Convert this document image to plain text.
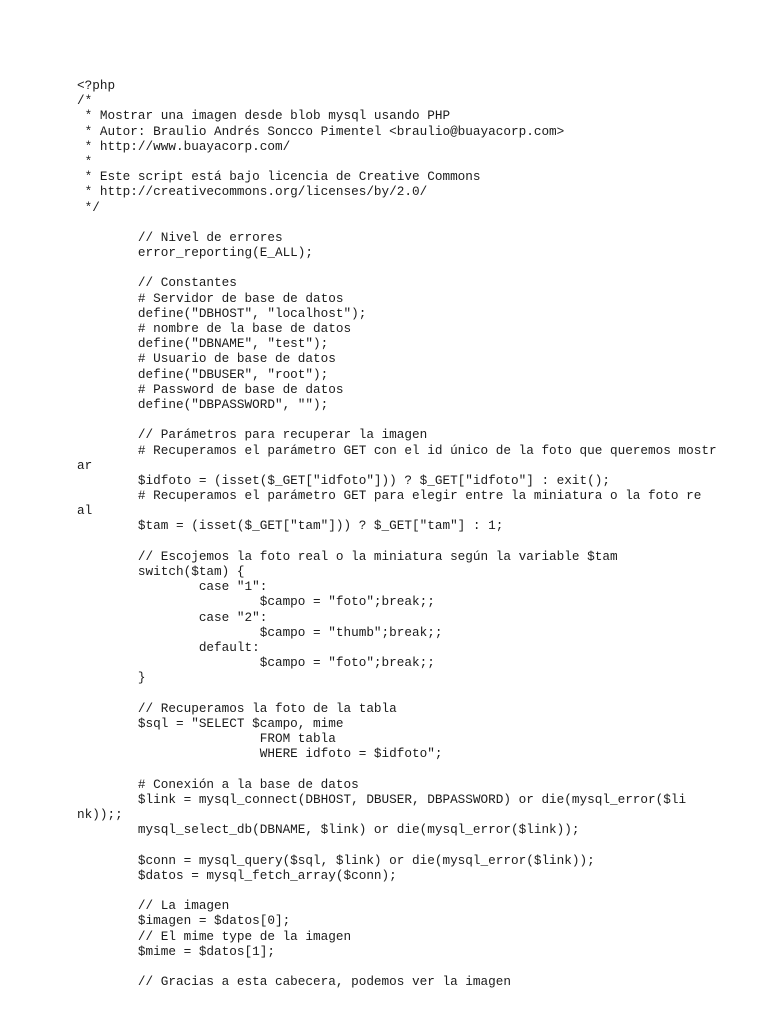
<?php
/*
* Mostrar una imagen desde blob mysql usando PHP
* Autor: Braulio Andrés Soncco Pimentel <braulio@buayacorp.com>
* http://www.buayacorp.com/
*
* Este script está bajo licencia de Creative Commons
* http://creativecommons.org/licenses/by/2.0/
*/
// Nivel de errores
error_reporting(E_ALL);
// Constantes
# Servidor de base de datos
define("DBHOST", "localhost");
# nombre de la base de datos
define("DBNAME", "test");
# Usuario de base de datos
define("DBUSER", "root");
# Password de base de datos
define("DBPASSWORD", "");
// Parámetros para recuperar la imagen
# Recuperamos el parámetro GET con el id único de la foto que queremos mostr
ar
$idfoto = (isset($_GET["idfoto"])) ? $_GET["idfoto"] : exit();
# Recuperamos el parámetro GET para elegir entre la miniatura o la foto re
al
$tam = (isset($_GET["tam"])) ? $_GET["tam"] : 1;
// Escojemos la foto real o la miniatura según la variable $tam
switch($tam) {
case "1":
$campo = "foto";break;;
case "2":
$campo = "thumb";break;;
default:
$campo = "foto";break;;
}
// Recuperamos la foto de la tabla
$sql = "SELECT $campo, mime
FROM tabla
WHERE idfoto = $idfoto";
# Conexión a la base de datos
$link = mysql_connect(DBHOST, DBUSER, DBPASSWORD) or die(mysql_error($li
nk));;
mysql_select_db(DBNAME, $link) or die(mysql_error($link));
$conn = mysql_query($sql, $link) or die(mysql_error($link));
$datos = mysql_fetch_array($conn);
// La imagen
$imagen = $datos[0];
// El mime type de la imagen
$mime = $datos[1];
// Gracias a esta cabecera, podemos ver la imagen
